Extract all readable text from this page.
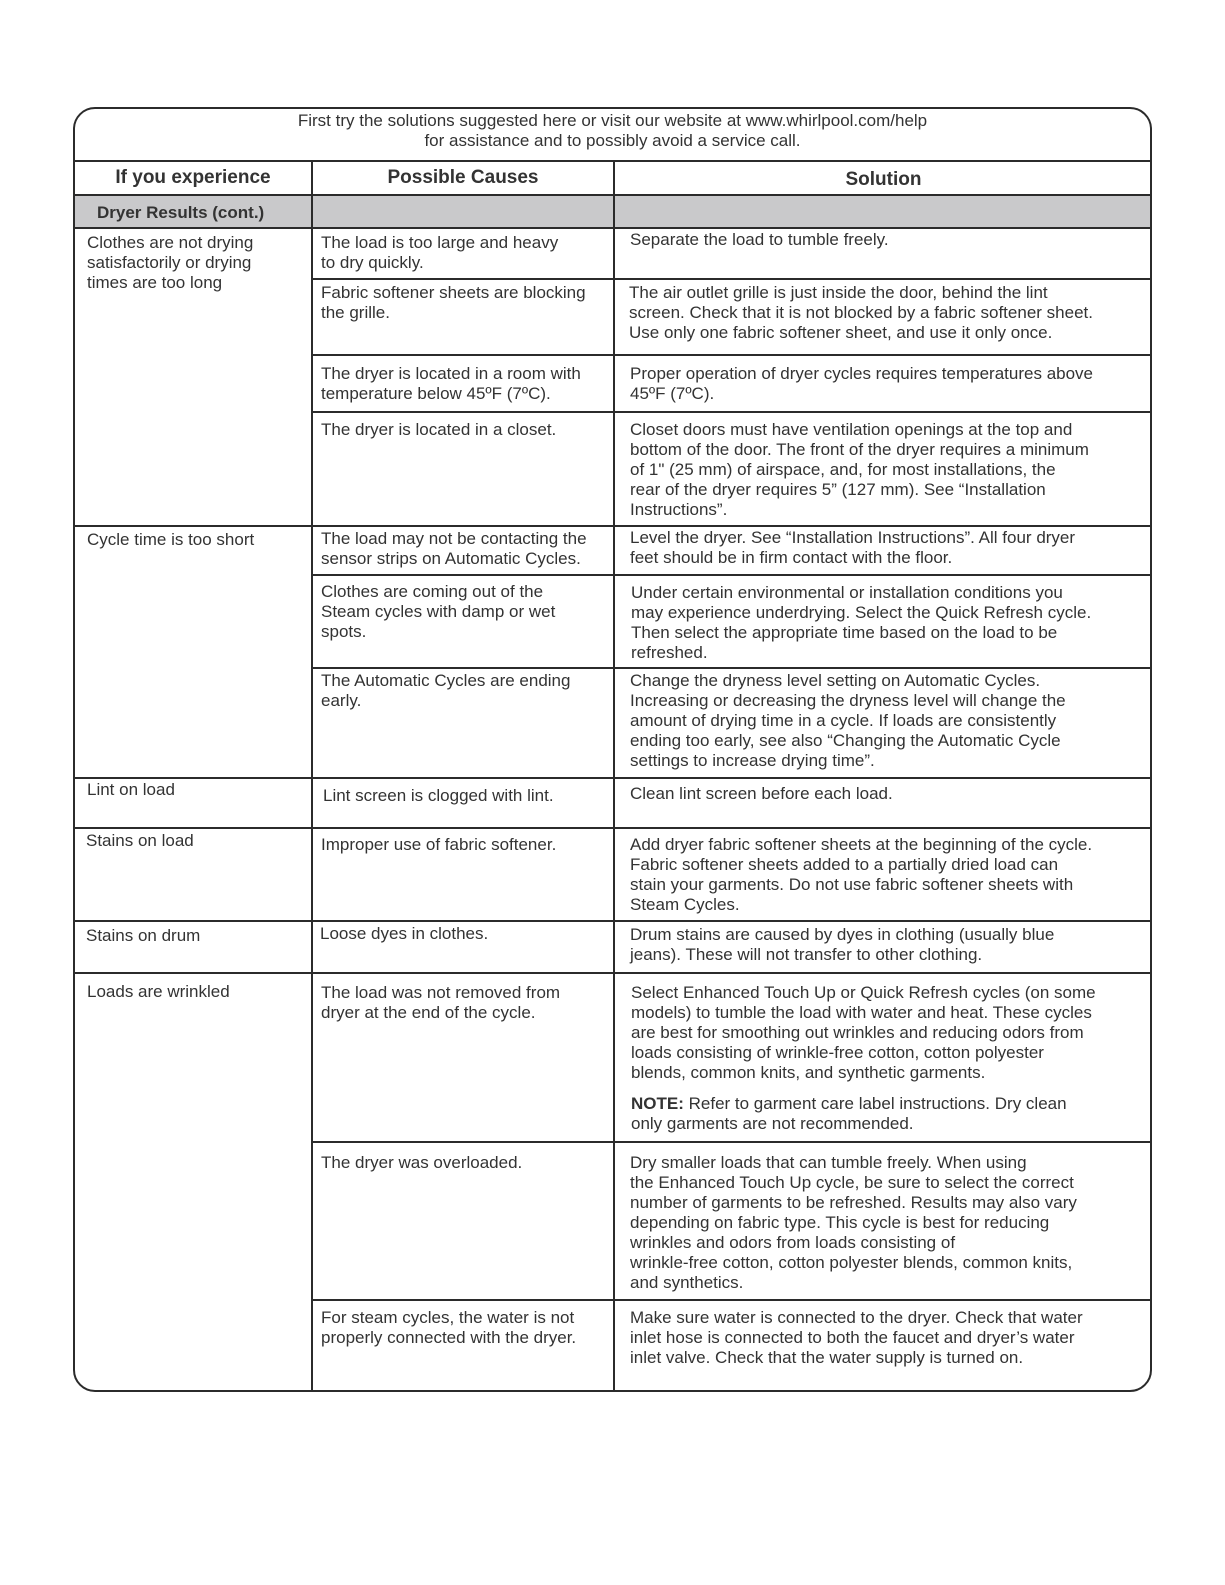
First try the solutions suggested here or visit our website at www.whirlpool.com/help
for assistance and to possibly avoid a service call.
If you experience	Possible Causes	Solution
Dryer Results (cont.)
Clothes are not drying
satisfactorily or drying
times are too long
Cycle time is too short
Lint on load
Stains on load
Stains on drum
Loads are wrinkled
The load is too large and heavy
to dry quickly.
Fabric softener sheets are blocking
the grille.
The dryer is located in a room with
temperature below 45ºF (7ºC).
The dryer is located in a closet.
The load may not be contacting the
sensor strips on Automatic Cycles.
Clothes are coming out of the
Steam cycles with damp or wet
spots.
The Automatic Cycles are ending
early.
Lint screen is clogged with lint.
Improper use of fabric softener.
Loose dyes in clothes.
The load was not removed from
dryer at the end of the cycle.
The dryer was overloaded.
For steam cycles, the water is not
properly connected with the dryer.
Separate the load to tumble freely.
The air outlet grille is just inside the door, behind the lint
screen. Check that it is not blocked by a fabric softener sheet.
Use only one fabric softener sheet, and use it only once.
Proper operation of dryer cycles requires temperatures above
45ºF (7ºC).
Closet doors must have ventilation openings at the top and
bottom of the door. The front of the dryer requires a minimum
of 1" (25 mm) of airspace, and, for most installations, the
rear of the dryer requires 5” (127 mm). See “Installation
Instructions”.
Level the dryer. See “Installation Instructions”. All four dryer
feet should be in firm contact with the floor.
Under certain environmental or installation conditions you
may experience underdrying. Select the Quick Refresh cycle.
Then select the appropriate time based on the load to be
refreshed.
Change the dryness level setting on Automatic Cycles.
Increasing or decreasing the dryness level will change the
amount of drying time in a cycle. If loads are consistently
ending too early, see also “Changing the Automatic Cycle
settings to increase drying time”.
Clean lint screen before each load.
Add dryer fabric softener sheets at the beginning of the cycle.
Fabric softener sheets added to a partially dried load can
stain your garments. Do not use fabric softener sheets with
Steam Cycles.
Drum stains are caused by dyes in clothing (usually blue
jeans). These will not transfer to other clothing.
Select Enhanced Touch Up or Quick Refresh cycles (on some
models) to tumble the load with water and heat. These cycles
are best for smoothing out wrinkles and reducing odors from
loads consisting of wrinkle-free cotton, cotton polyester
blends, common knits, and synthetic garments.
NOTE: Refer to garment care label instructions. Dry clean
only garments are not recommended.
Dry smaller loads that can tumble freely. When using
the Enhanced Touch Up cycle, be sure to select the correct
number of garments to be refreshed. Results may also vary
depending on fabric type. This cycle is best for reducing
wrinkles and odors from loads consisting of
wrinkle-free cotton, cotton polyester blends, common knits,
and synthetics.
Make sure water is connected to the dryer. Check that water
inlet hose is connected to both the faucet and dryer’s water
inlet valve. Check that the water supply is turned on.
